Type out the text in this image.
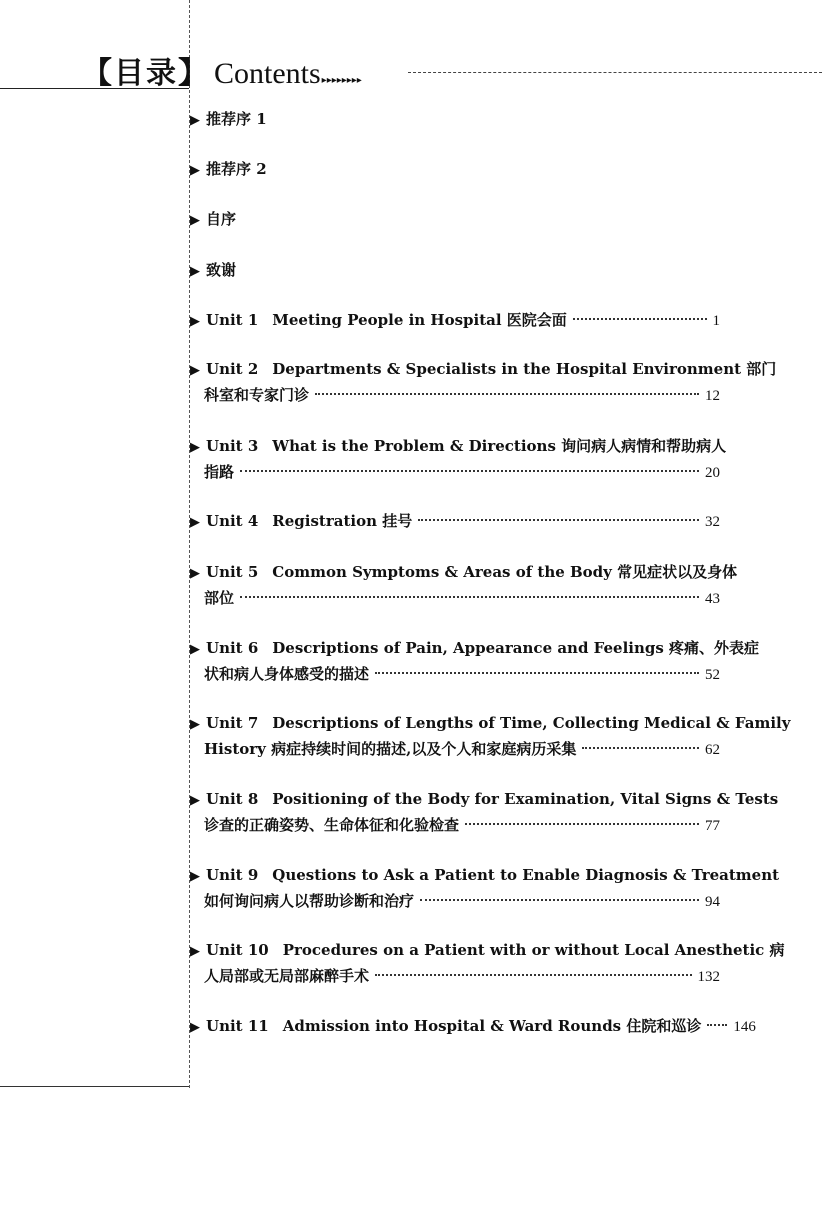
【目录】 Contents ▸▸▸▸▸▸▸▸
▶ 推荐序 1
▶ 推荐序 2
▶ 自序
▶ 致谢
▶ Unit 1 Meeting People in Hospital 医院会面	1
▶ Unit 2 Departments & Specialists in the Hospital Environment 部门
科室和专家门诊	12
▶ Unit 3 What is the Problem & Directions 询问病人病情和帮助病人
指路	20
▶ Unit 4 Registration 挂号	32
▶ Unit 5 Common Symptoms & Areas of the Body 常见症状以及身体
部位	43
▶ Unit 6 Descriptions of Pain, Appearance and Feelings 疼痛、外表症
状和病人身体感受的描述	52
▶ Unit 7 Descriptions of Lengths of Time, Collecting Medical & Family
History 病症持续时间的描述,以及个人和家庭病历采集	62
▶ Unit 8 Positioning of the Body for Examination, Vital Signs & Tests
诊查的正确姿势、生命体征和化验检查	77
▶ Unit 9 Questions to Ask a Patient to Enable Diagnosis & Treatment
如何询问病人以帮助诊断和治疗	94
▶ Unit 10 Procedures on a Patient with or without Local Anesthetic 病
人局部或无局部麻醉手术	132
▶ Unit 11 Admission into Hospital & Ward Rounds 住院和巡诊 146
